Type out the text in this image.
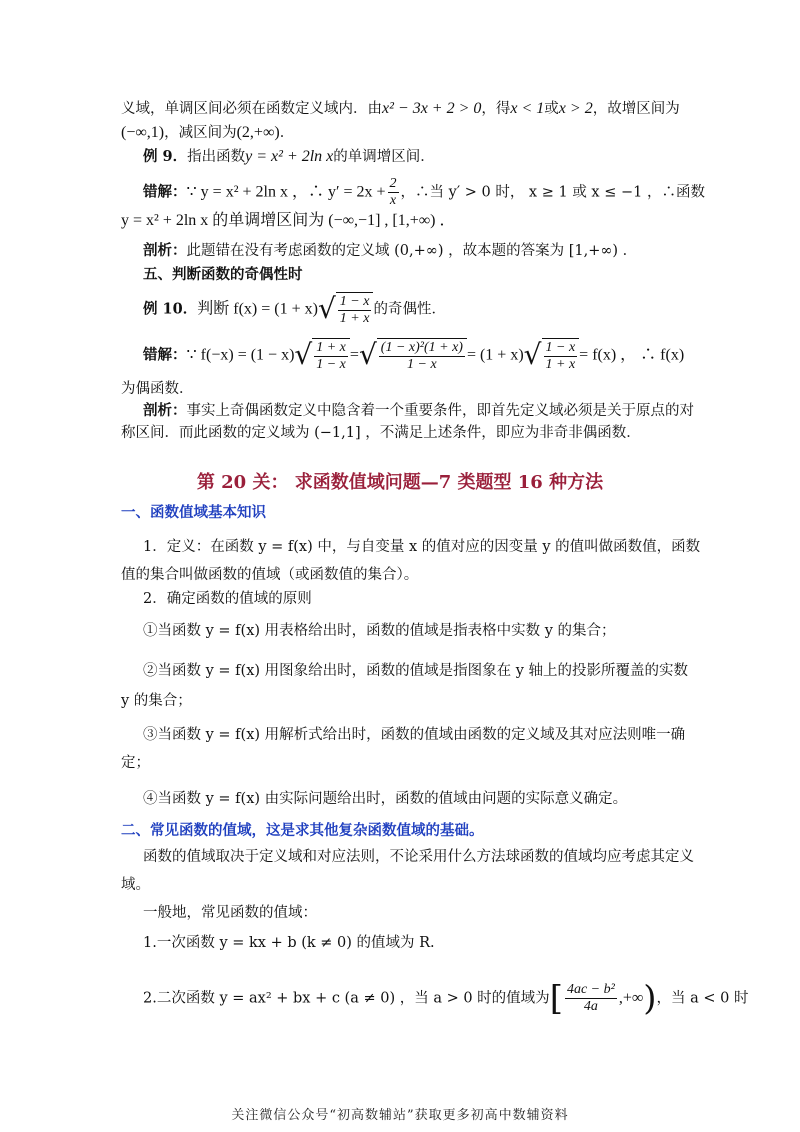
义域，单调区间必须在函数定义域内．由x² − 3x + 2 > 0，得x < 1或x > 2，故增区间为
(−∞,1)，减区间为(2,+∞)．
例 9．指出函数y = x² + 2ln x的单调增区间．
错解：∵ y = x² + 2ln x ，∴ $y' = 2x + \frac{2}{x}$ ，∴当 y′ > 0 时， x ≥ 1 或 x ≤ −1 ，∴函数
y = x² + 2ln x 的单调增区间为 (−∞,−1] , [1,+∞) ．
剖析：此题错在没有考虑函数的定义域 (0,+∞) ，故本题的答案为 [1,+∞) ．
五、判断函数的奇偶性时
例 10．判断 f(x) = (1 + x) √ $\frac{1 - x}{1 + x}$ 的奇偶性．
错解：∵ f(−x) = (1 − x) √ $\frac{1 + x}{1 - x}$ = √ $\frac{\text{(1 − x)²(1 + x)}}{1 - x} = (1 + x)$ √ $\frac{1 - x}{1 + x} = f(x)$ ， ∴ f(x)
为偶函数．
剖析：事实上奇偶函数定义中隐含着一个重要条件，即首先定义域必须是关于原点的对
称区间．而此函数的定义域为 (−1,1] ，不满足上述条件，即应为非奇非偶函数．
第 20 关： 求函数值域问题—7 类题型 16 种方法
一、函数值域基本知识
1．定义：在函数 y = f(x) 中，与自变量 x 的值对应的因变量 y 的值叫做函数值，函数
值的集合叫做函数的值域（或函数值的集合）。
2．确定函数的值域的原则
①当函数 y = f(x) 用表格给出时，函数的值域是指表格中实数 y 的集合；
②当函数 y = f(x) 用图象给出时，函数的值域是指图象在 y 轴上的投影所覆盖的实数
y 的集合；
③当函数 y = f(x) 用解析式给出时，函数的值域由函数的定义域及其对应法则唯一确
定；
④当函数 y = f(x) 由实际问题给出时，函数的值域由问题的实际意义确定。
二、常见函数的值域，这是求其他复杂函数值域的基础。
函数的值域取决于定义域和对应法则，不论采用什么方法球函数的值域均应考虑其定义
域。
一般地，常见函数的值域：
1.一次函数 y = kx + b (k ≠ 0) 的值域为 R.
2.二次函数 y = ax² + bx + c (a ≠ 0) ，当 a > 0 时的值域为[ $\frac{\text{4ac − b²}}{4a}$ ,+∞)，当 a < 0 时
关注微信公众号“初高数辅站”获取更多初高中数辅资料
